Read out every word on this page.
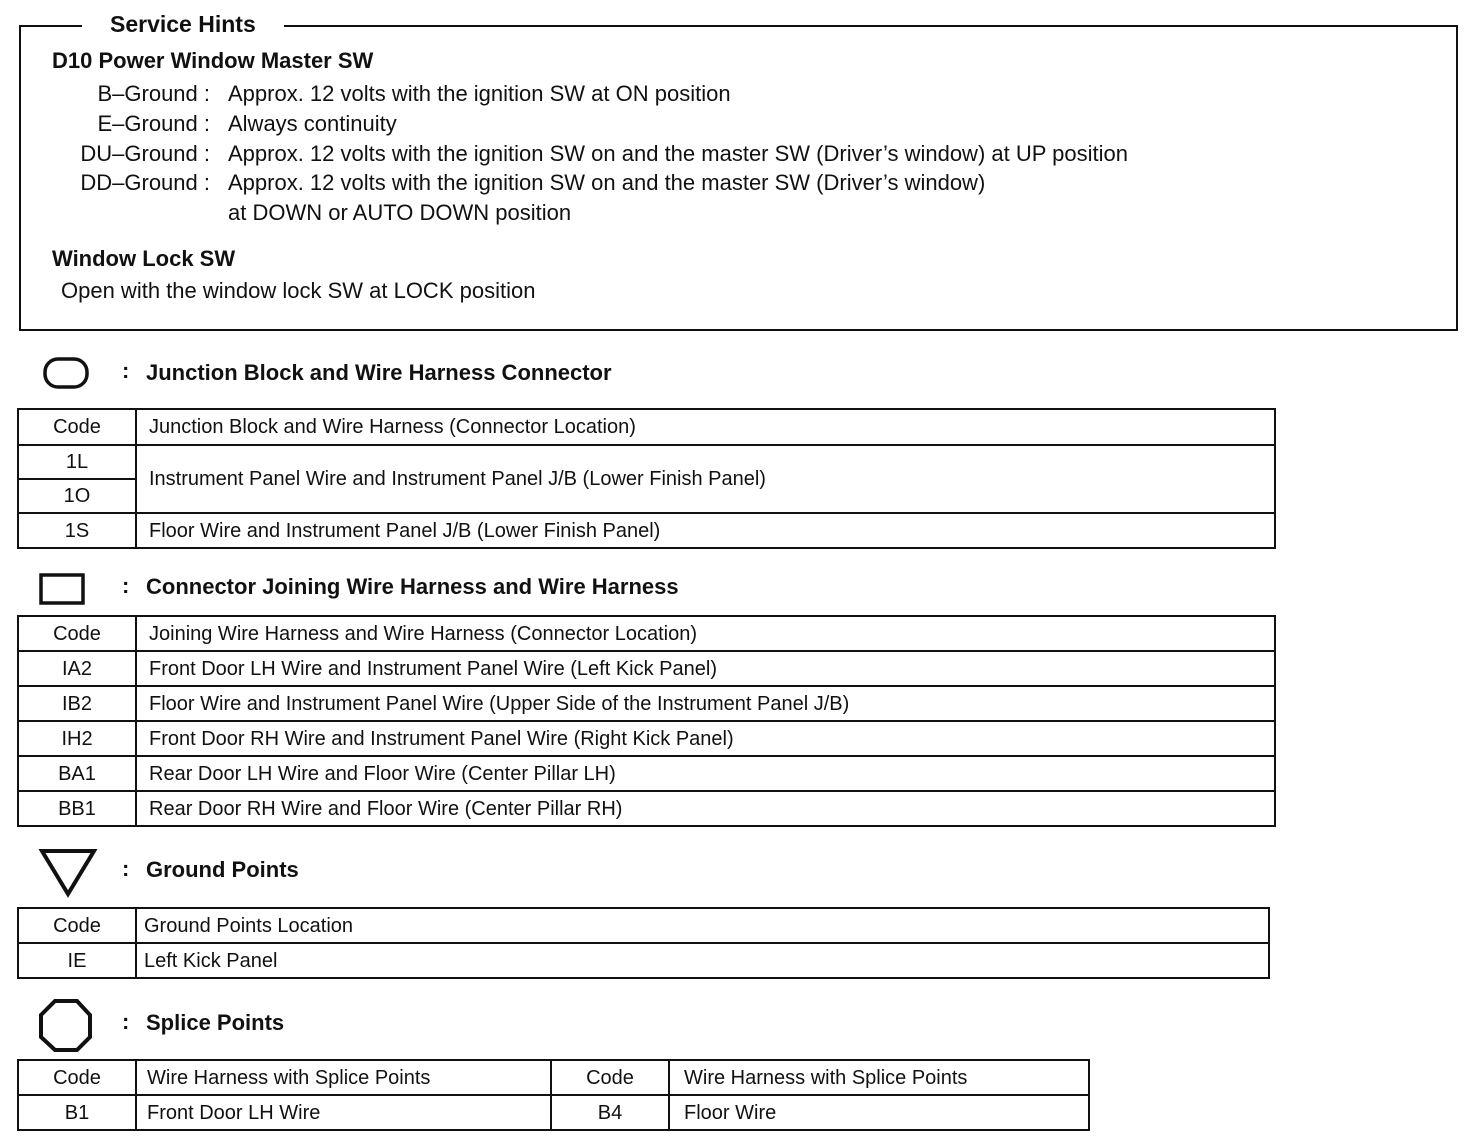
Service Hints
D10 Power Window Master SW
B–Ground : Approx. 12 volts with the ignition SW at ON position
E–Ground : Always continuity
DU–Ground : Approx. 12 volts with the ignition SW on and the master SW (Driver’s window) at UP position
DD–Ground : Approx. 12 volts with the ignition SW on and the master SW (Driver’s window)
at DOWN or AUTO DOWN position
Window Lock SW
Open with the window lock SW at LOCK position
: Junction Block and Wire Harness Connector
Code	Junction Block and Wire Harness (Connector Location)
1L	Instrument Panel Wire and Instrument Panel J/B (Lower Finish Panel)
1O	
1S	Floor Wire and Instrument Panel J/B (Lower Finish Panel)
: Connector Joining Wire Harness and Wire Harness
Code	Joining Wire Harness and Wire Harness (Connector Location)
IA2	Front Door LH Wire and Instrument Panel Wire (Left Kick Panel)
IB2	Floor Wire and Instrument Panel Wire (Upper Side of the Instrument Panel J/B)
IH2	Front Door RH Wire and Instrument Panel Wire (Right Kick Panel)
BA1	Rear Door LH Wire and Floor Wire (Center Pillar LH)
BB1	Rear Door RH Wire and Floor Wire (Center Pillar RH)
: Ground Points
Code	Ground Points Location
IE	Left Kick Panel
: Splice Points
Code	Wire Harness with Splice Points	Code	Wire Harness with Splice Points
B1	Front Door LH Wire	B4	Floor Wire
